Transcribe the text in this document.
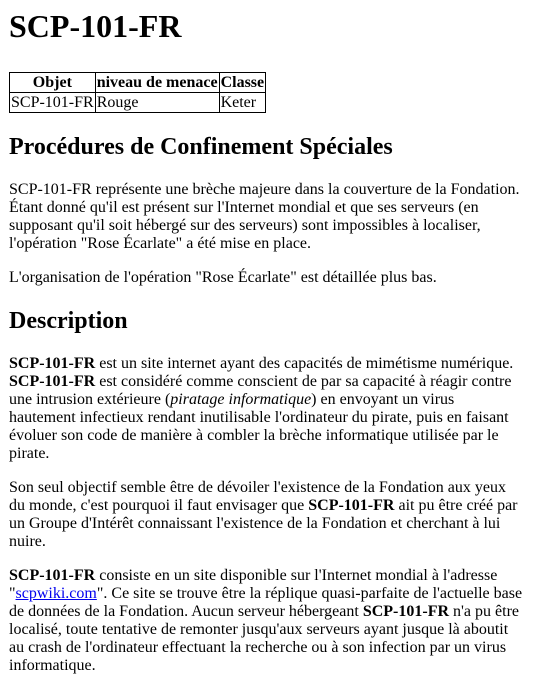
SCP-101-FR
Objet	niveau de menace	Classe
SCP-101-FR	Rouge	Keter
Procédures de Confinement Spéciales

SCP-101-FR représente une brèche majeure dans la couverture de la Fondation. Étant donné qu'il est présent sur l'Internet mondial et que ses serveurs (en supposant qu'il soit hébergé sur des serveurs) sont impossibles à localiser, l'opération "Rose Écarlate" a été mise en place.

L'organisation de l'opération "Rose Écarlate" est détaillée plus bas.

Description

SCP-101-FR est un site internet ayant des capacités de mimétisme numérique. SCP-101-FR est considéré comme conscient de par sa capacité à réagir contre une intrusion extérieure (piratage informatique) en envoyant un virus hautement infectieux rendant inutilisable l'ordinateur du pirate, puis en faisant évoluer son code de manière à combler la brèche informatique utilisée par le pirate.

Son seul objectif semble être de dévoiler l'existence de la Fondation aux yeux du monde, c'est pourquoi il faut envisager que SCP-101-FR ait pu être créé par un Groupe d'Intérêt connaissant l'existence de la Fondation et cherchant à lui nuire.

SCP-101-FR consiste en un site disponible sur l'Internet mondial à l'adresse "scpwiki.com". Ce site se trouve être la réplique quasi-parfaite de l'actuelle base de données de la Fondation. Aucun serveur hébergeant SCP-101-FR n'a pu être localisé, toute tentative de remonter jusqu'aux serveurs ayant jusque là aboutit au crash de l'ordinateur effectuant la recherche ou à son infection par un virus informatique.
